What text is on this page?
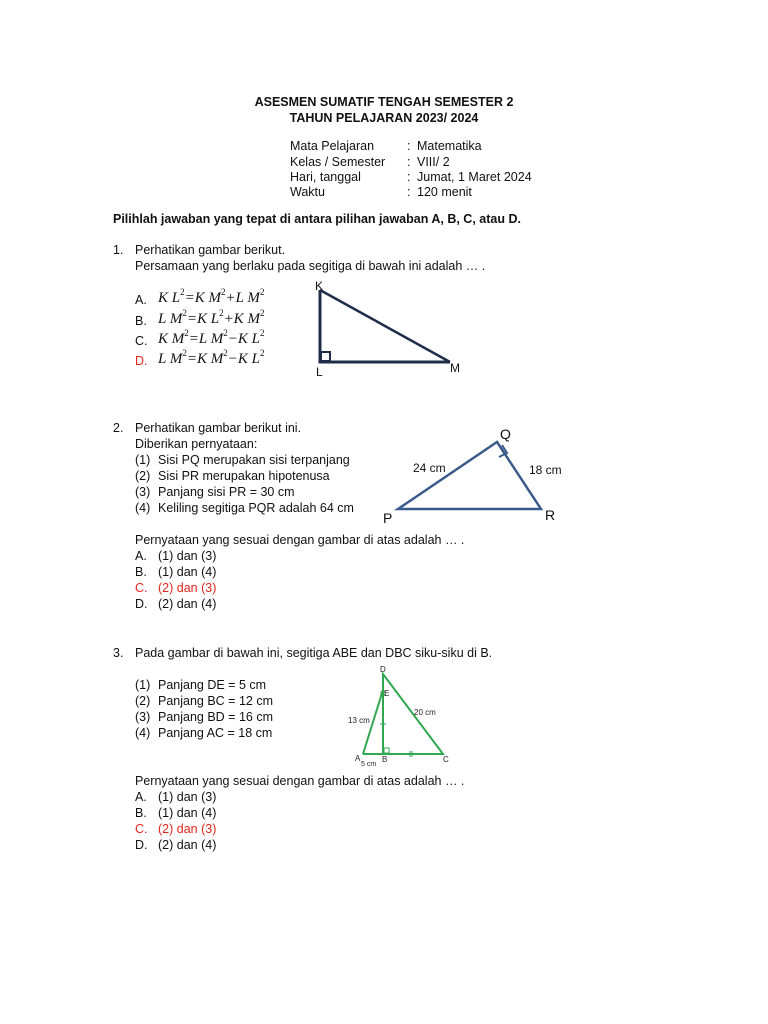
ASESMEN SUMATIF TENGAH SEMESTER 2
TAHUN PELAJARAN 2023/ 2024
Mata Pelajaran	: Matematika
Kelas / Semester : VIII/ 2
Hari, tanggal	: Jumat, 1 Maret 2024
Waktu	: 120 menit
Pilihlah jawaban yang tepat di antara pilihan jawaban A, B, C, atau D.
1. Perhatikan gambar berikut.
Persamaan yang berlaku pada segitiga di bawah ini adalah … .
A. K $L^2=K$ $M^2+L$ $M^2$
B. L $M^2=K$ $L^2+K$ $M^2$
C. K $M^2=L$ $M^2-K$ $L^2$
D. L $M^2=K$ $M^2-K$ $L^2$
K
L	M
2. Perhatikan gambar berikut ini.
Diberikan pernyataan:
(1) Sisi PQ merupakan sisi terpanjang
(2) Sisi PR merupakan hipotenusa
(3) Panjang sisi PR = 30 cm
(4) Keliling segitiga PQR adalah 64 cm
Pernyataan yang sesuai dengan gambar di atas adalah … .
A. (1) dan (3)
B. (1) dan (4)
C. (2) dan (3)
D. (2) dan (4)
P
Q
R
24 cm	18 cm
3. Pada gambar di bawah ini, segitiga ABE dan DBC siku-siku di B.
(1) Panjang DE = 5 cm
(2) Panjang BC = 12 cm
(3) Panjang BD = 16 cm
(4) Panjang AC = 18 cm
Pernyataan yang sesuai dengan gambar di atas adalah … .
A. (1) dan (3)
B. (1) dan (4)
C. (2) dan (3)
D. (2) dan (4)
D
E
A	B	C
13 cm
20 cm
5 cm
